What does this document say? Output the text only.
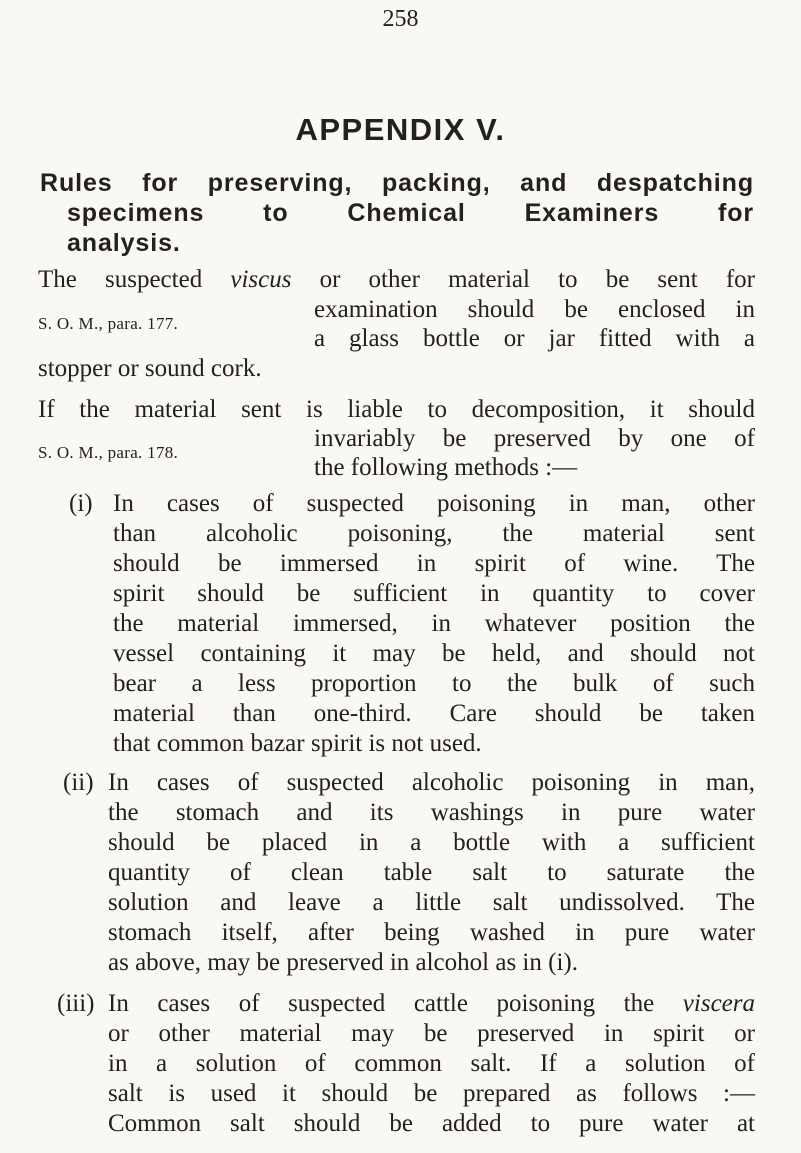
258
APPENDIX V.
Rules for preserving, packing, and despatching
specimens to Chemical Examiners for
analysis.
The suspected viscus or other material to be sent for
examination should be enclosed in
S. O. M., para. 177.
a glass bottle or jar fitted with a
stopper or sound cork.
If the material sent is liable to decomposition, it should
invariably be preserved by one of
S. O. M., para. 178.
the following methods :—
(i) In cases of suspected poisoning in man, other
than alcoholic poisoning, the material sent
should be immersed in spirit of wine. The
spirit should be sufficient in quantity to cover
the material immersed, in whatever position the
vessel containing it may be held, and should not
bear a less proportion to the bulk of such
material than one-third. Care should be taken
that common bazar spirit is not used.
(ii) In cases of suspected alcoholic poisoning in man,
the stomach and its washings in pure water
should be placed in a bottle with a sufficient
quantity of clean table salt to saturate the
solution and leave a little salt undissolved. The
stomach itself, after being washed in pure water
as above, may be preserved in alcohol as in (i).
(iii) In cases of suspected cattle poisoning the viscera
or other material may be preserved in spirit or
in a solution of common salt. If a solution of
salt is used it should be prepared as follows :—
Common salt should be added to pure water at
